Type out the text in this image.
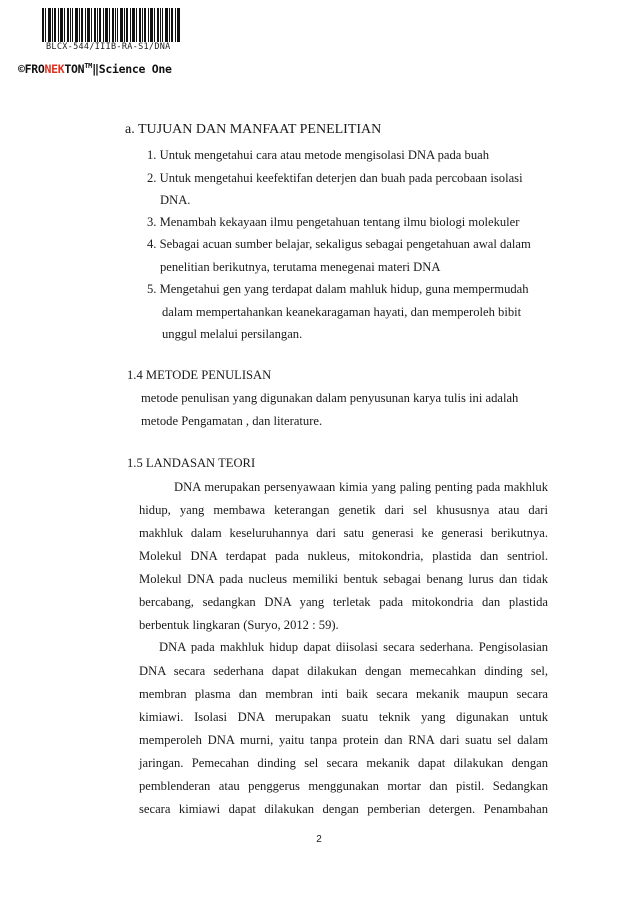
BLCX-544/IIIB-RA-S1/DNA
©FRONEKTON™‖Science One
a. TUJUAN DAN MANFAAT PENELITIAN
1. Untuk mengetahui cara atau metode mengisolasi DNA pada buah
2. Untuk mengetahui keefektifan deterjen dan buah pada percobaan isolasi
DNA.
3. Menambah kekayaan ilmu pengetahuan tentang ilmu biologi molekuler
4. Sebagai acuan sumber belajar, sekaligus sebagai pengetahuan awal dalam
penelitian berikutnya, terutama menegenai materi DNA
5. Mengetahui gen yang terdapat dalam mahluk hidup, guna mempermudah
dalam mempertahankan keanekaragaman hayati, dan memperoleh bibit
unggul melalui persilangan.
1.4 METODE PENULISAN
metode penulisan yang digunakan dalam penyusunan karya tulis ini adalah
metode Pengamatan , dan literature.
1.5 LANDASAN TEORI
DNA merupakan persenyawaan kimia yang paling penting pada makhluk
hidup, yang membawa keterangan genetik dari sel khususnya atau dari
makhluk dalam keseluruhannya dari satu generasi ke generasi berikutnya.
Molekul DNA terdapat pada nukleus, mitokondria, plastida dan sentriol.
Molekul DNA pada nucleus memiliki bentuk sebagai benang lurus dan tidak
bercabang, sedangkan DNA yang terletak pada mitokondria dan plastida
berbentuk lingkaran (Suryo, 2012 : 59).
DNA pada makhluk hidup dapat diisolasi secara sederhana. Pengisolasian
DNA secara sederhana dapat dilakukan dengan memecahkan dinding sel,
membran plasma dan membran inti baik secara mekanik maupun secara
kimiawi. Isolasi DNA merupakan suatu teknik yang digunakan untuk
memperoleh DNA murni, yaitu tanpa protein dan RNA dari suatu sel dalam
jaringan. Pemecahan dinding sel secara mekanik dapat dilakukan dengan
pemblenderan atau penggerus menggunakan mortar dan pistil. Sedangkan
secara kimiawi dapat dilakukan dengan pemberian detergen. Penambahan
2
